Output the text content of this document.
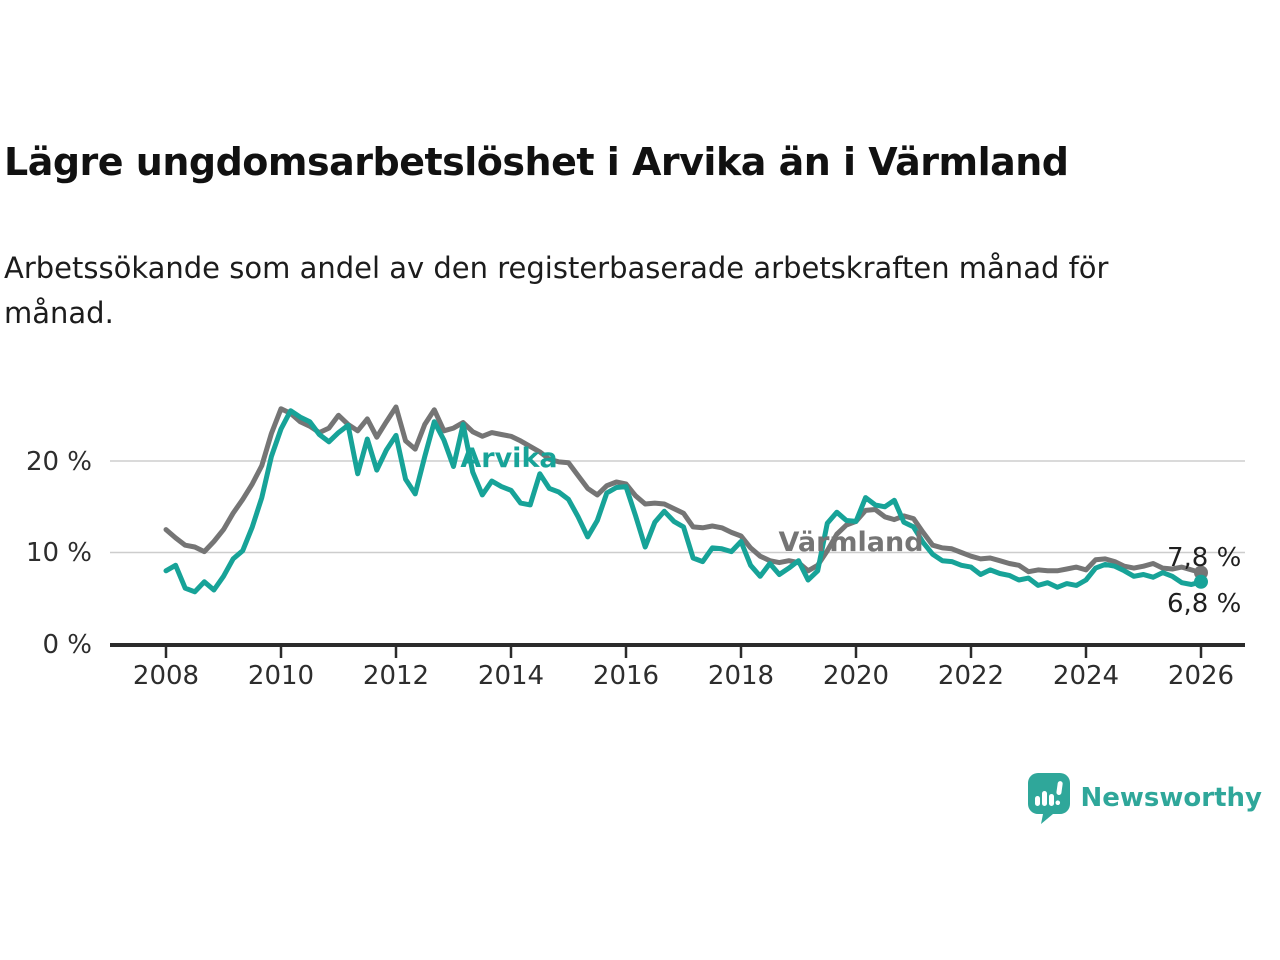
Lägre ungdomsarbetslöshet i Arvika än i Värmland

Arbetssökande som andel av den registerbaserade arbetskraften månad för
månad.

2008 2010 2012 2014 2016 2018 2020 2022 2024 2026
20 %
10 %
0 %
Arvika
Värmland	7,8 %
6,8 %
Newsworthy
